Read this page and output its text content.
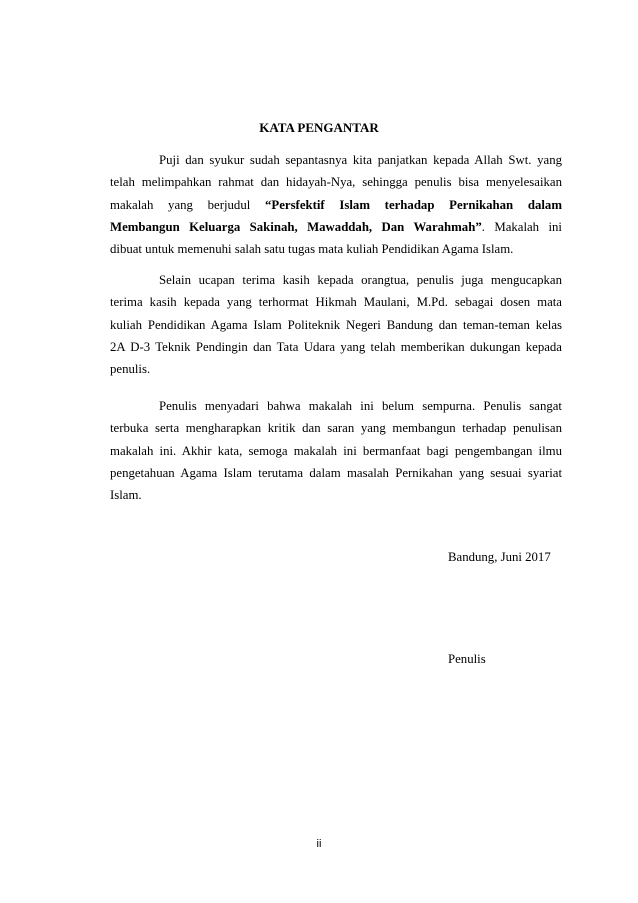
KATA PENGANTAR
Puji dan syukur sudah sepantasnya kita panjatkan kepada Allah Swt. yang
telah melimpahkan rahmat dan hidayah-Nya, sehingga penulis bisa menyelesaikan
makalah yang berjudul “Persfektif Islam terhadap Pernikahan dalam
Membangun Keluarga Sakinah, Mawaddah, Dan Warahmah”. Makalah ini
dibuat untuk memenuhi salah satu tugas mata kuliah Pendidikan Agama Islam.
Selain ucapan terima kasih kepada orangtua, penulis juga mengucapkan
terima kasih kepada yang terhormat Hikmah Maulani, M.Pd. sebagai dosen mata
kuliah Pendidikan Agama Islam Politeknik Negeri Bandung dan teman-teman kelas
2A D-3 Teknik Pendingin dan Tata Udara yang telah memberikan dukungan kepada
penulis.
Penulis menyadari bahwa makalah ini belum sempurna. Penulis sangat
terbuka serta mengharapkan kritik dan saran yang membangun terhadap penulisan
makalah ini. Akhir kata, semoga makalah ini bermanfaat bagi pengembangan ilmu
pengetahuan Agama Islam terutama dalam masalah Pernikahan yang sesuai syariat
Islam.
Bandung, Juni 2017
Penulis
ii
